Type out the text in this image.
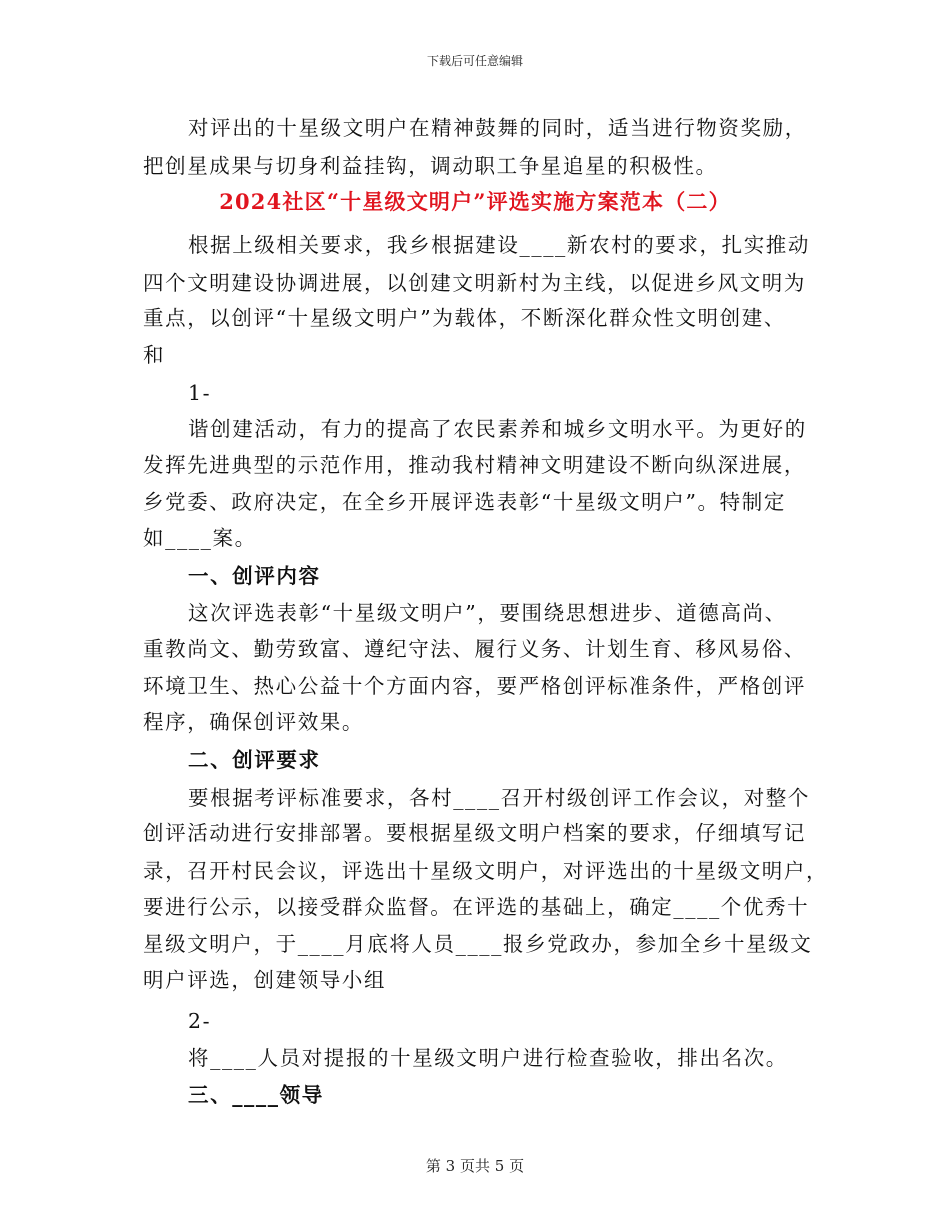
下载后可任意编辑
对评出的十星级文明户在精神鼓舞的同时，适当进行物资奖励，
把创星成果与切身利益挂钩，调动职工争星追星的积极性。
2024社区“十星级文明户”评选实施方案范本（二）
根据上级相关要求，我乡根据建设____新农村的要求，扎实推动
四个文明建设协调进展，以创建文明新村为主线，以促进乡风文明为
重点，以创评“十星级文明户”为载体，不断深化群众性文明创建、
和
1-
谐创建活动，有力的提高了农民素养和城乡文明水平。为更好的
发挥先进典型的示范作用，推动我村精神文明建设不断向纵深进展，
乡党委、政府决定，在全乡开展评选表彰“十星级文明户”。特制定
如____案。
一、创评内容
这次评选表彰“十星级文明户”，要围绕思想进步、道德高尚、
重教尚文、勤劳致富、遵纪守法、履行义务、计划生育、移风易俗、
环境卫生、热心公益十个方面内容，要严格创评标准条件，严格创评
程序，确保创评效果。
二、创评要求
要根据考评标准要求，各村____召开村级创评工作会议，对整个
创评活动进行安排部署。要根据星级文明户档案的要求，仔细填写记
录，召开村民会议，评选出十星级文明户，对评选出的十星级文明户，
要进行公示，以接受群众监督。在评选的基础上，确定____个优秀十
星级文明户，于____月底将人员____报乡党政办，参加全乡十星级文
明户评选，创建领导小组
2-
将____人员对提报的十星级文明户进行检查验收，排出名次。
三、____领导
第 3 页共 5 页
